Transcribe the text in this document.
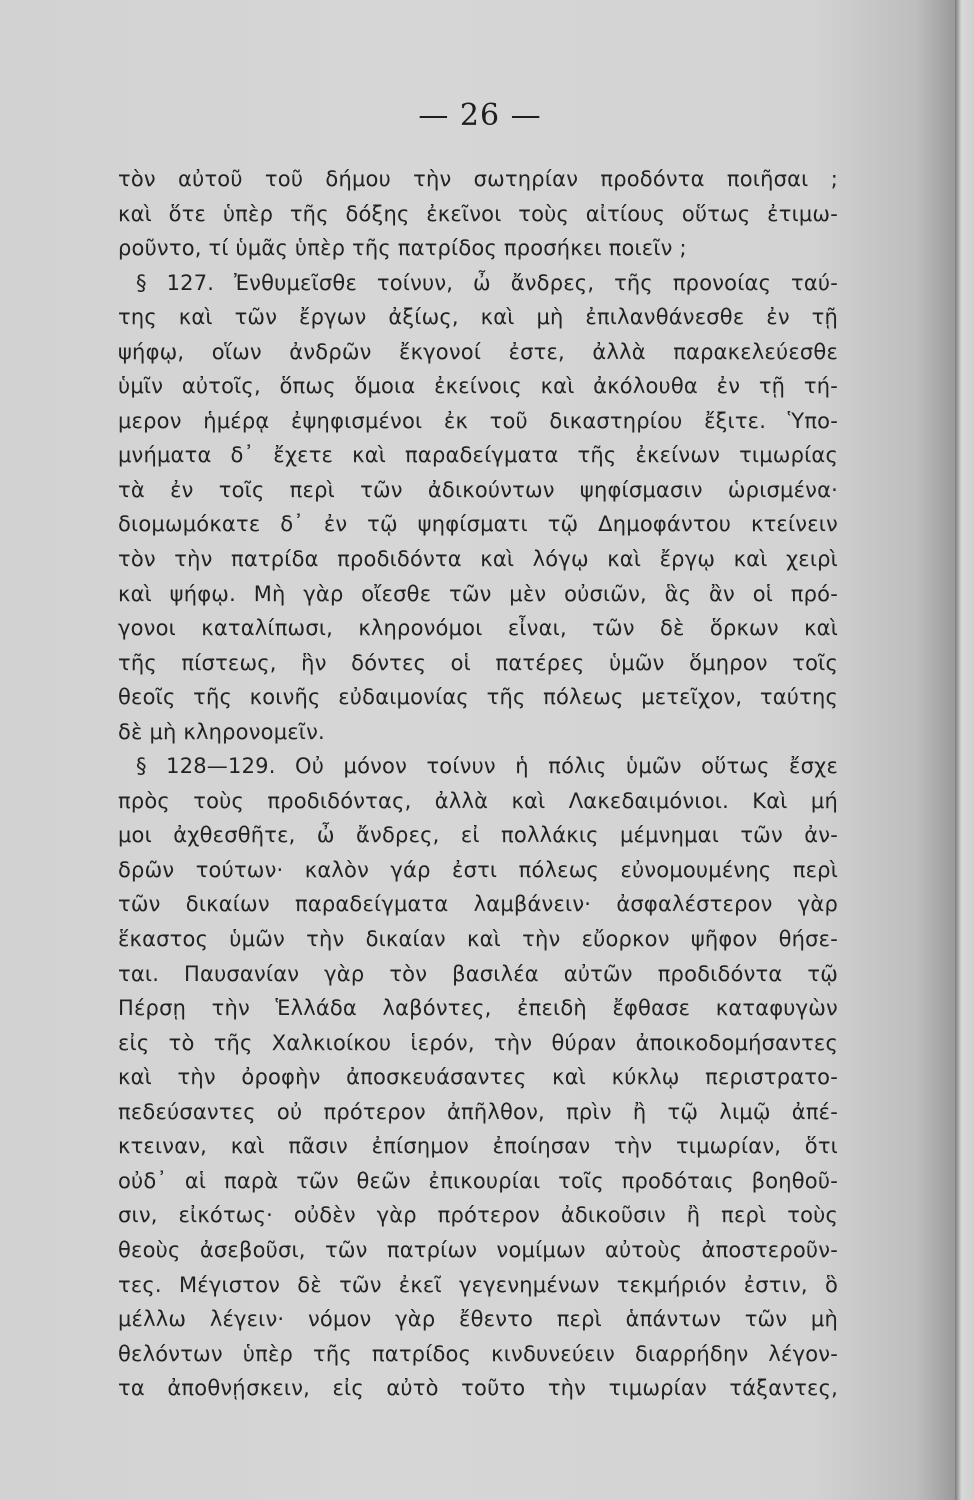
— 26 —
τὸν αὐτοῦ τοῦ δήμου τὴν σωτηρίαν προδόντα ποιῆσαι ;
καὶ ὅτε ὑπὲρ τῆς δόξης ἐκεῖνοι τοὺς αἰτίους οὕτως ἐτιμω-
ροῦντο, τί ὑμᾶς ὑπὲρ τῆς πατρίδος προσήκει ποιεῖν ;
§ 127. Ἐνθυμεῖσθε τοίνυν, ὦ ἄνδρες, τῆς προνοίας ταύ-
της καὶ τῶν ἔργων ἀξίως, καὶ μὴ ἐπιλανθάνεσθε ἐν τῇ
ψήφῳ, οἵων ἀνδρῶν ἔκγονοί ἐστε, ἀλλὰ παρακελεύεσθε
ὑμῖν αὐτοῖς, ὅπως ὅμοια ἐκείνοις καὶ ἀκόλουθα ἐν τῇ τή-
μερον ἡμέρᾳ ἐψηφισμένοι ἐκ τοῦ δικαστηρίου ἔξιτε. Ὑπο-
μνήματα δ᾿ ἔχετε καὶ παραδείγματα τῆς ἐκείνων τιμωρίας
τὰ ἐν τοῖς περὶ τῶν ἀδικούντων ψηφίσμασιν ὡρισμένα·
διομωμόκατε δ᾿ ἐν τῷ ψηφίσματι τῷ Δημοφάντου κτείνειν
τὸν τὴν πατρίδα προδιδόντα καὶ λόγῳ καὶ ἔργῳ καὶ χειρὶ
καὶ ψήφῳ. Μὴ γὰρ οἴεσθε τῶν μὲν οὐσιῶν, ἃς ἂν οἱ πρό-
γονοι καταλίπωσι, κληρονόμοι εἶναι, τῶν δὲ ὅρκων καὶ
τῆς πίστεως, ἣν δόντες οἱ πατέρες ὑμῶν ὅμηρον τοῖς
θεοῖς τῆς κοινῆς εὐδαιμονίας τῆς πόλεως μετεῖχον, ταύτης
δὲ μὴ κληρονομεῖν.
§ 128—129. Οὐ μόνον τοίνυν ἡ πόλις ὑμῶν οὕτως ἔσχε
πρὸς τοὺς προδιδόντας, ἀλλὰ καὶ Λακεδαιμόνιοι. Καὶ μή
μοι ἀχθεσθῆτε, ὦ ἄνδρες, εἰ πολλάκις μέμνημαι τῶν ἀν-
δρῶν τούτων· καλὸν γάρ ἐστι πόλεως εὐνομουμένης περὶ
τῶν δικαίων παραδείγματα λαμβάνειν· ἀσφαλέστερον γὰρ
ἕκαστος ὑμῶν τὴν δικαίαν καὶ τὴν εὔορκον ψῆφον θήσε-
ται. Παυσανίαν γὰρ τὸν βασιλέα αὐτῶν προδιδόντα τῷ
Πέρσῃ τὴν Ἑλλάδα λαβόντες, ἐπειδὴ ἔφθασε καταφυγὼν
εἰς τὸ τῆς Χαλκιοίκου ἱερόν, τὴν θύραν ἀποικοδομήσαντες
καὶ τὴν ὀροφὴν ἀποσκευάσαντες καὶ κύκλῳ περιστρατο-
πεδεύσαντες οὐ πρότερον ἀπῆλθον, πρὶν ἢ τῷ λιμῷ ἀπέ-
κτειναν, καὶ πᾶσιν ἐπίσημον ἐποίησαν τὴν τιμωρίαν, ὅτι
οὐδ᾿ αἱ παρὰ τῶν θεῶν ἐπικουρίαι τοῖς προδόταις βοηθοῦ-
σιν, εἰκότως· οὐδὲν γὰρ πρότερον ἀδικοῦσιν ἢ περὶ τοὺς
θεοὺς ἀσεβοῦσι, τῶν πατρίων νομίμων αὐτοὺς ἀποστεροῦν-
τες. Μέγιστον δὲ τῶν ἐκεῖ γεγενημένων τεκμήριόν ἐστιν, ὃ
μέλλω λέγειν· νόμον γὰρ ἔθεντο περὶ ἁπάντων τῶν μὴ
θελόντων ὑπὲρ τῆς πατρίδος κινδυνεύειν διαρρήδην λέγον-
τα ἀποθνῄσκειν, εἰς αὐτὸ τοῦτο τὴν τιμωρίαν τάξαντες,
